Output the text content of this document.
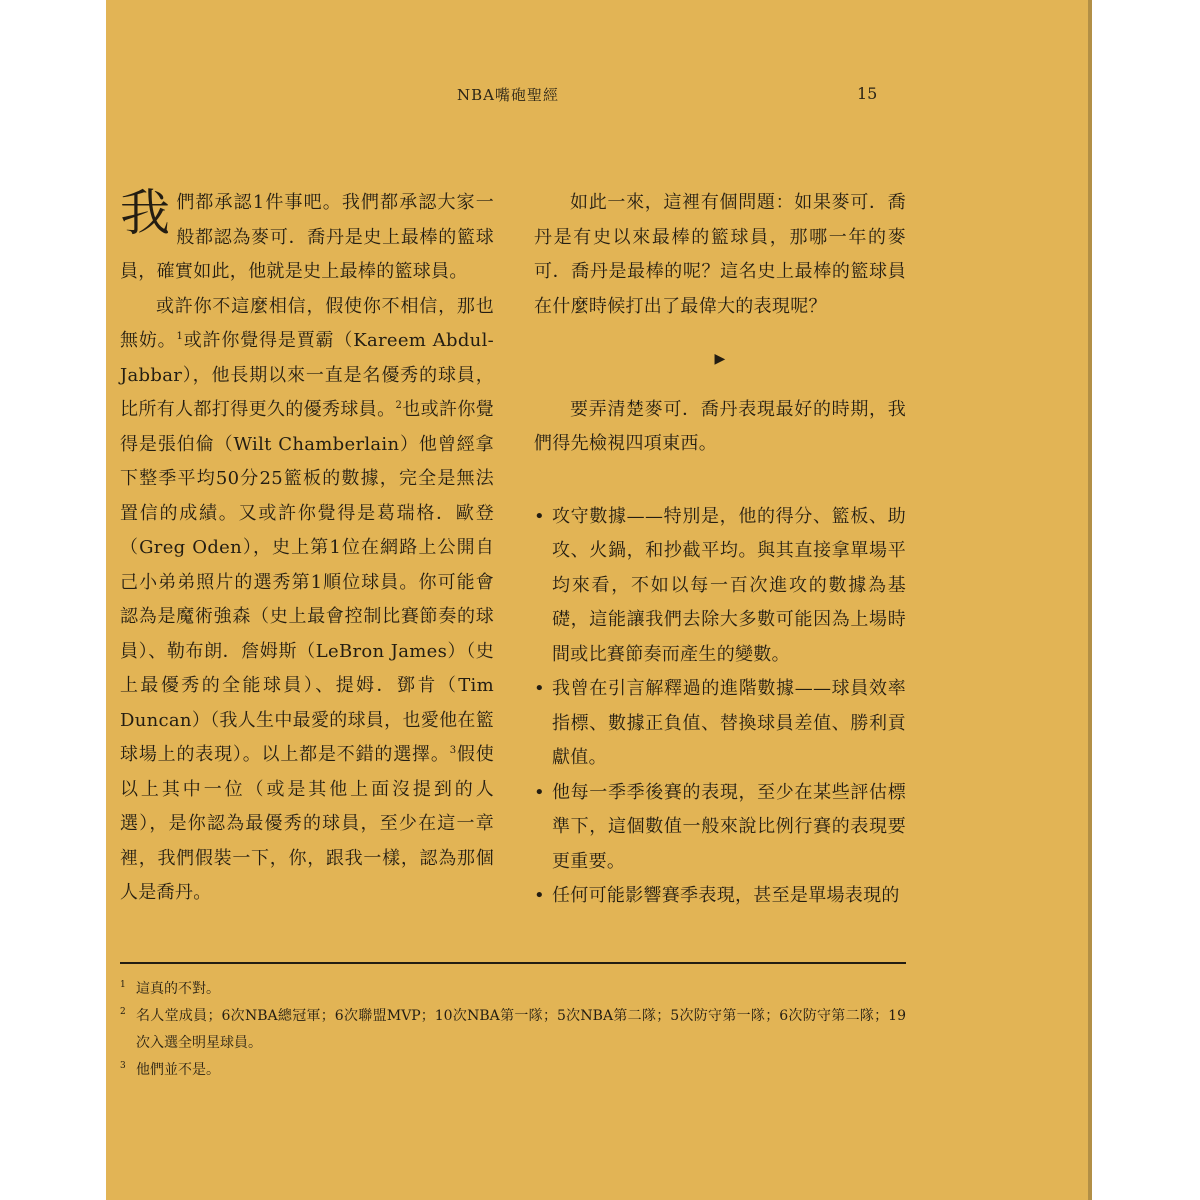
NBA嘴砲聖經	15

我們都承認1件事吧。我們都承認大家一般都認為麥可．喬丹是史上最棒的籃球員，確實如此，他就是史上最棒的籃球員。

或許你不這麼相信，假使你不相信，那也無妨。$^1$或許你覺得是賈霸（Kareem Abdul-Jabbar），他長期以來一直是名優秀的球員，比所有人都打得更久的優秀球員。$^2$也或許你覺得是張伯倫（Wilt Chamberlain）他曾經拿下整季平均50分25籃板的數據，完全是無法置信的成績。又或許你覺得是葛瑞格．歐登（Greg Oden），史上第1位在網路上公開自己小弟弟照片的選秀第1順位球員。你可能會認為是魔術強森（史上最會控制比賽節奏的球員）、勒布朗．詹姆斯（LeBron James）（史上最優秀的全能球員）、提姆．鄧肯（Tim Duncan）（我人生中最愛的球員，也愛他在籃球場上的表現）。以上都是不錯的選擇。$^3$假使以上其中一位（或是其他上面沒提到的人選），是你認為最優秀的球員，至少在這一章裡，我們假裝一下，你，跟我一樣，認為那個人是喬丹。

如此一來，這裡有個問題：如果麥可．喬丹是有史以來最棒的籃球員，那哪一年的麥可．喬丹是最棒的呢？這名史上最棒的籃球員在什麼時候打出了最偉大的表現呢？

▶

要弄清楚麥可．喬丹表現最好的時期，我們得先檢視四項東西。

• 攻守數據——特別是，他的得分、籃板、助攻、火鍋，和抄截平均。與其直接拿單場平均來看，不如以每一百次進攻的數據為基礎，這能讓我們去除大多數可能因為上場時間或比賽節奏而產生的變數。
• 我曾在引言解釋過的進階數據——球員效率指標、數據正負值、替換球員差值、勝利貢獻值。
• 他每一季季後賽的表現，至少在某些評估標準下，這個數值一般來說比例行賽的表現要更重要。
• 任何可能影響賽季表現，甚至是單場表現的
1 這真的不對。
2 名人堂成員；6次NBA總冠軍；6次聯盟MVP；10次NBA第一隊；5次NBA第二隊；5次防守第一隊；6次防守第二隊；19次入選全明星球員。
3 他們並不是。
